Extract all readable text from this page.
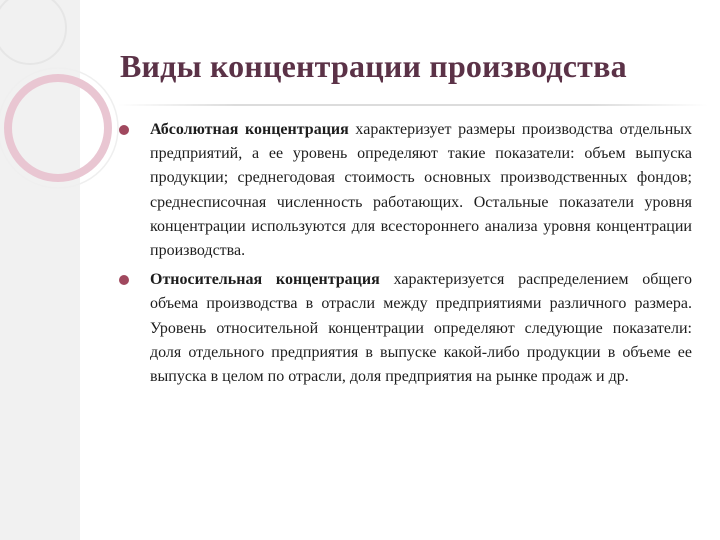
Виды концентрации производства
Абсолютная концентрация характеризует размеры производства отдельных предприятий, а ее уровень определяют такие показатели: объем выпуска продукции; среднегодовая стоимость основных производственных фондов; среднесписочная численность работающих. Остальные показатели уровня концентрации используются для всестороннего анализа уровня концентрации производства.
Относительная концентрация характеризуется распределением общего объема производства в отрасли между предприятиями различного размера. Уровень относительной концентрации определяют следующие показатели: доля отдельного предприятия в выпуске какой-либо продукции в объеме ее выпуска в целом по отрасли, доля предприятия на рынке продаж и др.
